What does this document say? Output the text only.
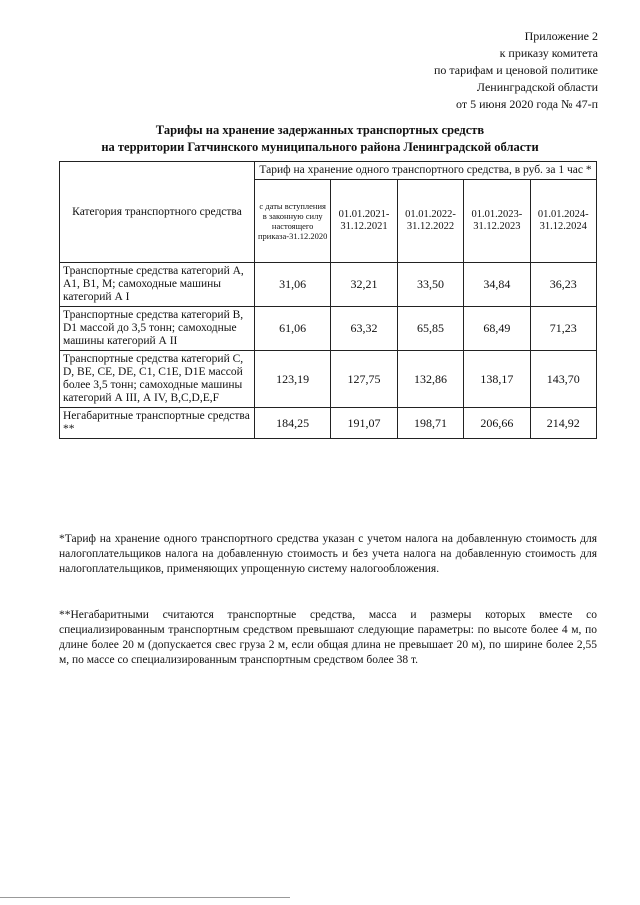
Приложение 2
к приказу комитета
по тарифам и ценовой политике
Ленинградской области
от 5 июня 2020 года № 47-п
Тарифы на хранение задержанных транспортных средств
на территории Гатчинского муниципального района Ленинградской области
Категория транспортного средства	Тариф на хранение одного транспортного средства, в руб. за 1 час *				
	с даты вступления в законную силу настоящего приказа-31.12.2020	01.01.2021-31.12.2021	01.01.2022-31.12.2022	01.01.2023-31.12.2023	01.01.2024-31.12.2024
Транспортные средства категорий А, А1, В1, М; самоходные машины категорий А I	31,06	32,21	33,50	34,84	36,23
Транспортные средства категорий В, D1 массой до 3,5 тонн; самоходные машины категорий А II	61,06	63,32	65,85	68,49	71,23
Транспортные средства категорий С, D, ВЕ, СЕ, DE, С1, С1Е, D1E массой более 3,5 тонн; самоходные машины категорий А III, А IV, В,С,D,Е,F	123,19	127,75	132,86	138,17	143,70
Негабаритные транспортные средства **	184,25	191,07	198,71	206,66	214,92

*Тариф на хранение одного транспортного средства указан с учетом налога на добавленную стоимость для налогоплательщиков налога на добавленную стоимость и без учета налога на добавленную стоимость для налогоплательщиков, применяющих упрощенную систему налогообложения.

**Негабаритными считаются транспортные средства, масса и размеры которых вместе со специализированным транспортным средством превышают следующие параметры: по высоте более 4 м, по длине более 20 м (допускается свес груза 2 м, если общая длина не превышает 20 м), по ширине более 2,55 м, по массе со специализированным транспортным средством более 38 т.
